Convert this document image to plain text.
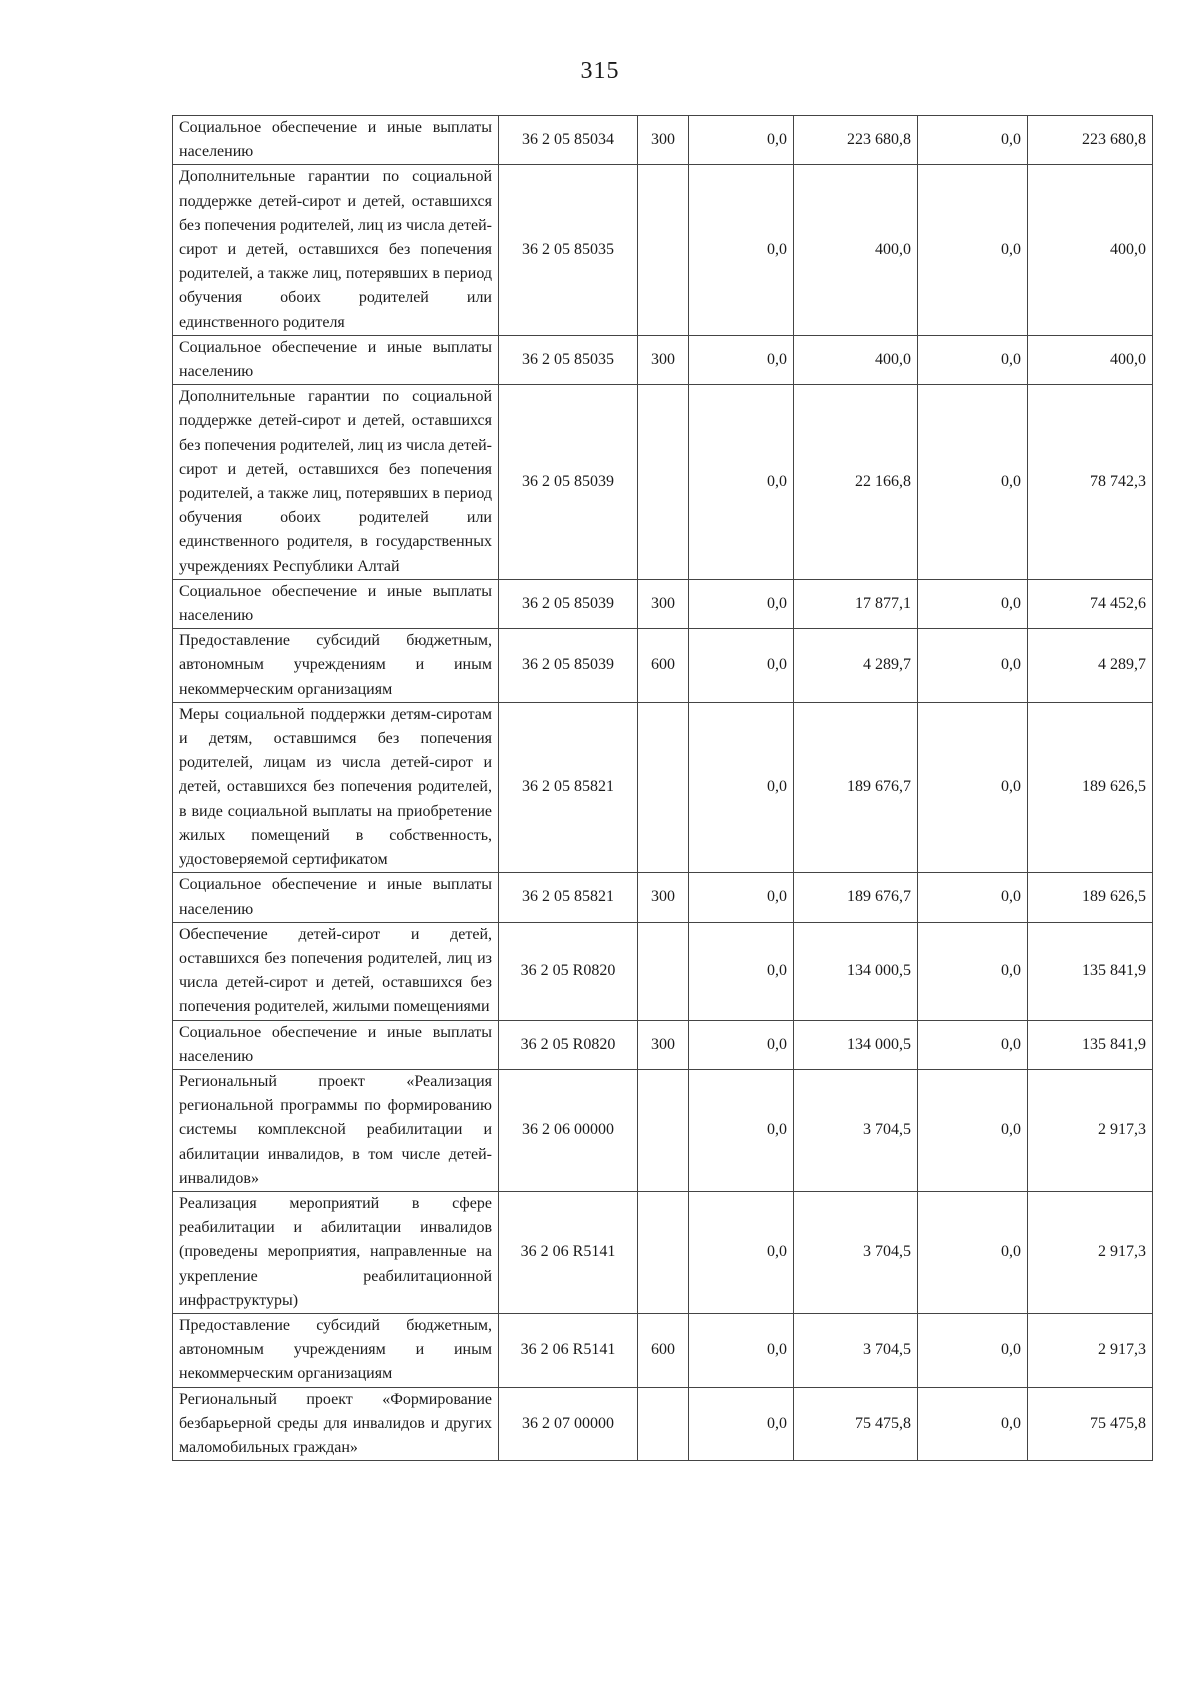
315
Социальное обеспечение и иные выплаты населению	36 2 05 85034	300	0,0	223 680,8	0,0	223 680,8
Дополнительные гарантии по социальной поддержке детей-сирот и детей, оставшихся без попечения родителей, лиц из числа детей-сирот и детей, оставшихся без попечения родителей, а также лиц, потерявших в период обучения обоих родителей или единственного родителя	36 2 05 85035		0,0	400,0	0,0	400,0
Социальное обеспечение и иные выплаты населению	36 2 05 85035	300	0,0	400,0	0,0	400,0
Дополнительные гарантии по социальной поддержке детей-сирот и детей, оставшихся без попечения родителей, лиц из числа детей-сирот и детей, оставшихся без попечения родителей, а также лиц, потерявших в период обучения обоих родителей или единственного родителя, в государственных учреждениях Республики Алтай	36 2 05 85039		0,0	22 166,8	0,0	78 742,3
Социальное обеспечение и иные выплаты населению	36 2 05 85039	300	0,0	17 877,1	0,0	74 452,6
Предоставление субсидий бюджетным, автономным учреждениям и иным некоммерческим организациям	36 2 05 85039	600	0,0	4 289,7	0,0	4 289,7
Меры социальной поддержки детям-сиротам и детям, оставшимся без попечения родителей, лицам из числа детей-сирот и детей, оставшихся без попечения родителей, в виде социальной выплаты на приобретение жилых помещений в собственность, удостоверяемой сертификатом	36 2 05 85821		0,0	189 676,7	0,0	189 626,5
Социальное обеспечение и иные выплаты населению	36 2 05 85821	300	0,0	189 676,7	0,0	189 626,5
Обеспечение детей-сирот и детей, оставшихся без попечения родителей, лиц из числа детей-сирот и детей, оставшихся без попечения родителей, жилыми помещениями	36 2 05 R0820		0,0	134 000,5	0,0	135 841,9
Социальное обеспечение и иные выплаты населению	36 2 05 R0820	300	0,0	134 000,5	0,0	135 841,9
Региональный проект «Реализация региональной программы по формированию системы комплексной реабилитации и абилитации инвалидов, в том числе детей-инвалидов»	36 2 06 00000		0,0	3 704,5	0,0	2 917,3
Реализация мероприятий в сфере реабилитации и абилитации инвалидов (проведены мероприятия, направленные на укрепление реабилитационной инфраструктуры)	36 2 06 R5141		0,0	3 704,5	0,0	2 917,3
Предоставление субсидий бюджетным, автономным учреждениям и иным некоммерческим организациям	36 2 06 R5141	600	0,0	3 704,5	0,0	2 917,3
Региональный проект «Формирование безбарьерной среды для инвалидов и других маломобильных граждан»	36 2 07 00000		0,0	75 475,8	0,0	75 475,8
